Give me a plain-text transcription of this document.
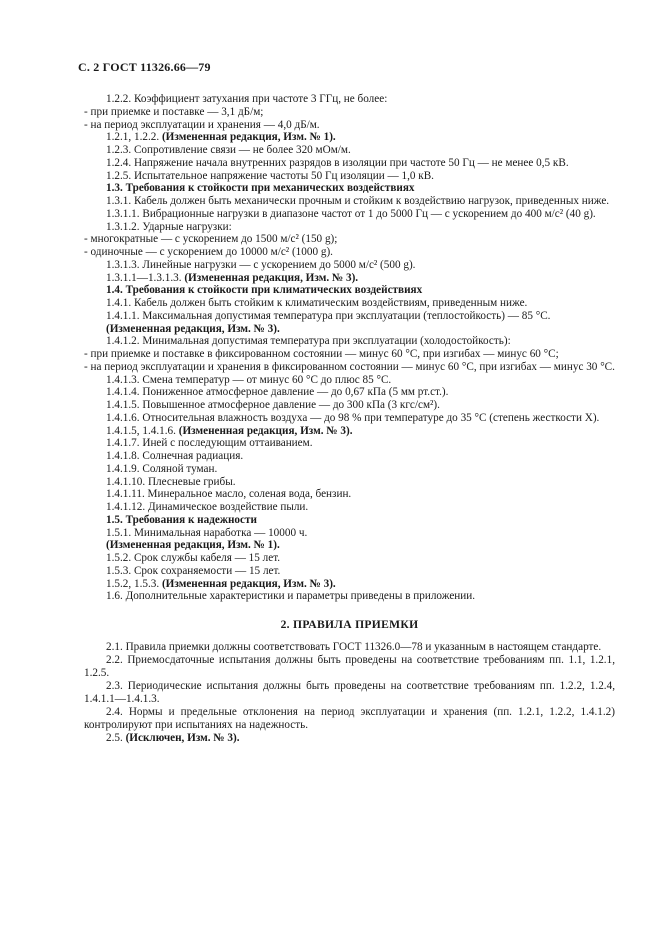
С. 2 ГОСТ 11326.66—79

1.2.2. Коэффициент затухания при частоте 3 ГГц, не более:

- при приемке и поставке — 3,1 дБ/м;

- на период эксплуатации и хранения — 4,0 дБ/м.

1.2.1, 1.2.2. (Измененная редакция, Изм. № 1).

1.2.3. Сопротивление связи — не более 320 мОм/м.

1.2.4. Напряжение начала внутренних разрядов в изоляции при частоте 50 Гц — не менее 0,5 кВ.

1.2.5. Испытательное напряжение частоты 50 Гц изоляции — 1,0 кВ.

1.3. Требования к стойкости при механических воздействиях

1.3.1. Кабель должен быть механически прочным и стойким к воздействию нагрузок, приведенных ниже.

1.3.1.1. Вибрационные нагрузки в диапазоне частот от 1 до 5000 Гц — с ускорением до 400 м/с² (40 g).

1.3.1.2. Ударные нагрузки:

- многократные — с ускорением до 1500 м/с² (150 g);

- одиночные — с ускорением до 10000 м/с² (1000 g).

1.3.1.3. Линейные нагрузки — с ускорением до 5000 м/с² (500 g).

1.3.1.1—1.3.1.3. (Измененная редакция, Изм. № 3).

1.4. Требования к стойкости при климатических воздействиях

1.4.1. Кабель должен быть стойким к климатическим воздействиям, приведенным ниже.

1.4.1.1. Максимальная допустимая температура при эксплуатации (теплостойкость) — 85 °С.

(Измененная редакция, Изм. № 3).

1.4.1.2. Минимальная допустимая температура при эксплуатации (холодостойкость):

- при приемке и поставке в фиксированном состоянии — минус 60 °С, при изгибах — минус 60 °С;

- на период эксплуатации и хранения в фиксированном состоянии — минус 60 °С, при изгибах — минус 30 °С.

1.4.1.3. Смена температур — от минус 60 °С до плюс 85 °С.

1.4.1.4. Пониженное атмосферное давление — до 0,67 кПа (5 мм рт.ст.).

1.4.1.5. Повышенное атмосферное давление — до 300 кПа (3 кгс/см²).

1.4.1.6. Относительная влажность воздуха — до 98 % при температуре до 35 °С (степень жесткости X).

1.4.1.5, 1.4.1.6. (Измененная редакция, Изм. № 3).

1.4.1.7. Иней с последующим оттаиванием.

1.4.1.8. Солнечная радиация.

1.4.1.9. Соляной туман.

1.4.1.10. Плесневые грибы.

1.4.1.11. Минеральное масло, соленая вода, бензин.

1.4.1.12. Динамическое воздействие пыли.

1.5. Требования к надежности

1.5.1. Минимальная наработка — 10000 ч.

(Измененная редакция, Изм. № 1).

1.5.2. Срок службы кабеля — 15 лет.

1.5.3. Срок сохраняемости — 15 лет.

1.5.2, 1.5.3. (Измененная редакция, Изм. № 3).

1.6. Дополнительные характеристики и параметры приведены в приложении.

2. ПРАВИЛА ПРИЕМКИ

2.1. Правила приемки должны соответствовать ГОСТ 11326.0—78 и указанным в настоящем стандарте.

2.2. Приемосдаточные испытания должны быть проведены на соответствие требованиям пп. 1.1, 1.2.1, 1.2.5.

2.3. Периодические испытания должны быть проведены на соответствие требованиям пп. 1.2.2, 1.2.4, 1.4.1.1—1.4.1.3.

2.4. Нормы и предельные отклонения на период эксплуатации и хранения (пп. 1.2.1, 1.2.2, 1.4.1.2) контролируют при испытаниях на надежность.

2.5. (Исключен, Изм. № 3).
